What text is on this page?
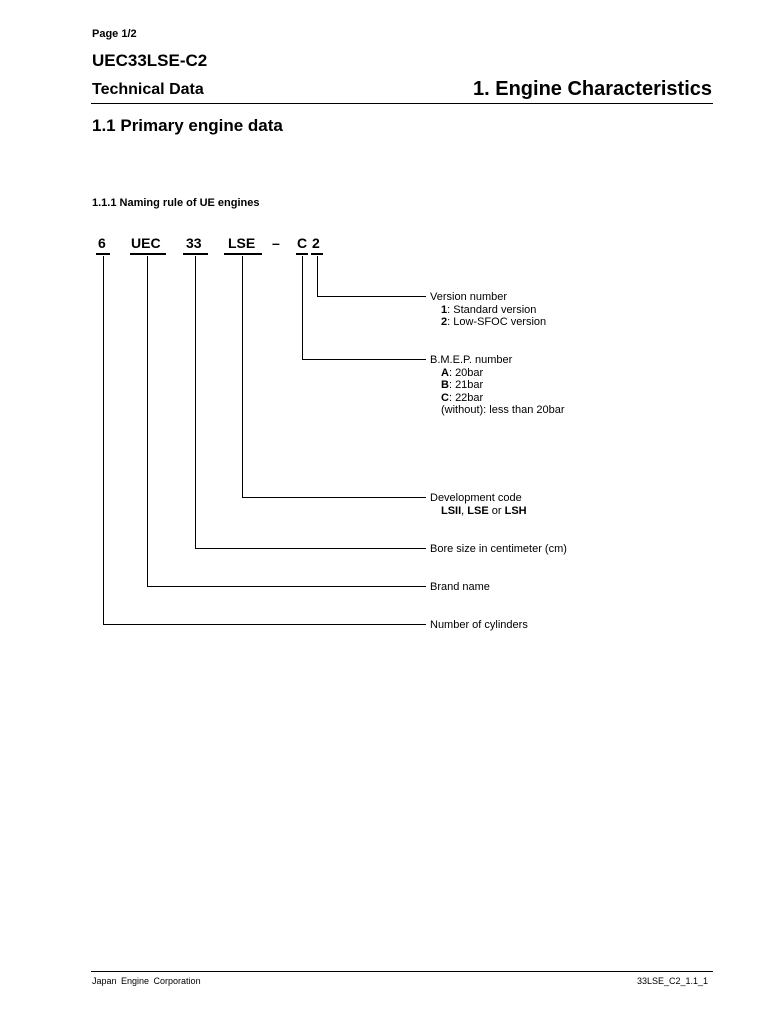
Page 1/2
UEC33LSE-C2
Technical Data	1. Engine Characteristics
1.1 Primary engine data
1.1.1 Naming rule of UE engines
6 UEC 33 LSE – C 2
Version number
1: Standard version
2: Low-SFOC version
B.M.E.P. number
A: 20bar
B: 21bar
C: 22bar
(without): less than 20bar
Development code
LSII, LSE or LSH
Bore size in centimeter (cm)
Brand name
Number of cylinders
Japan Engine Corporation	33LSE_C2_1.1_1
